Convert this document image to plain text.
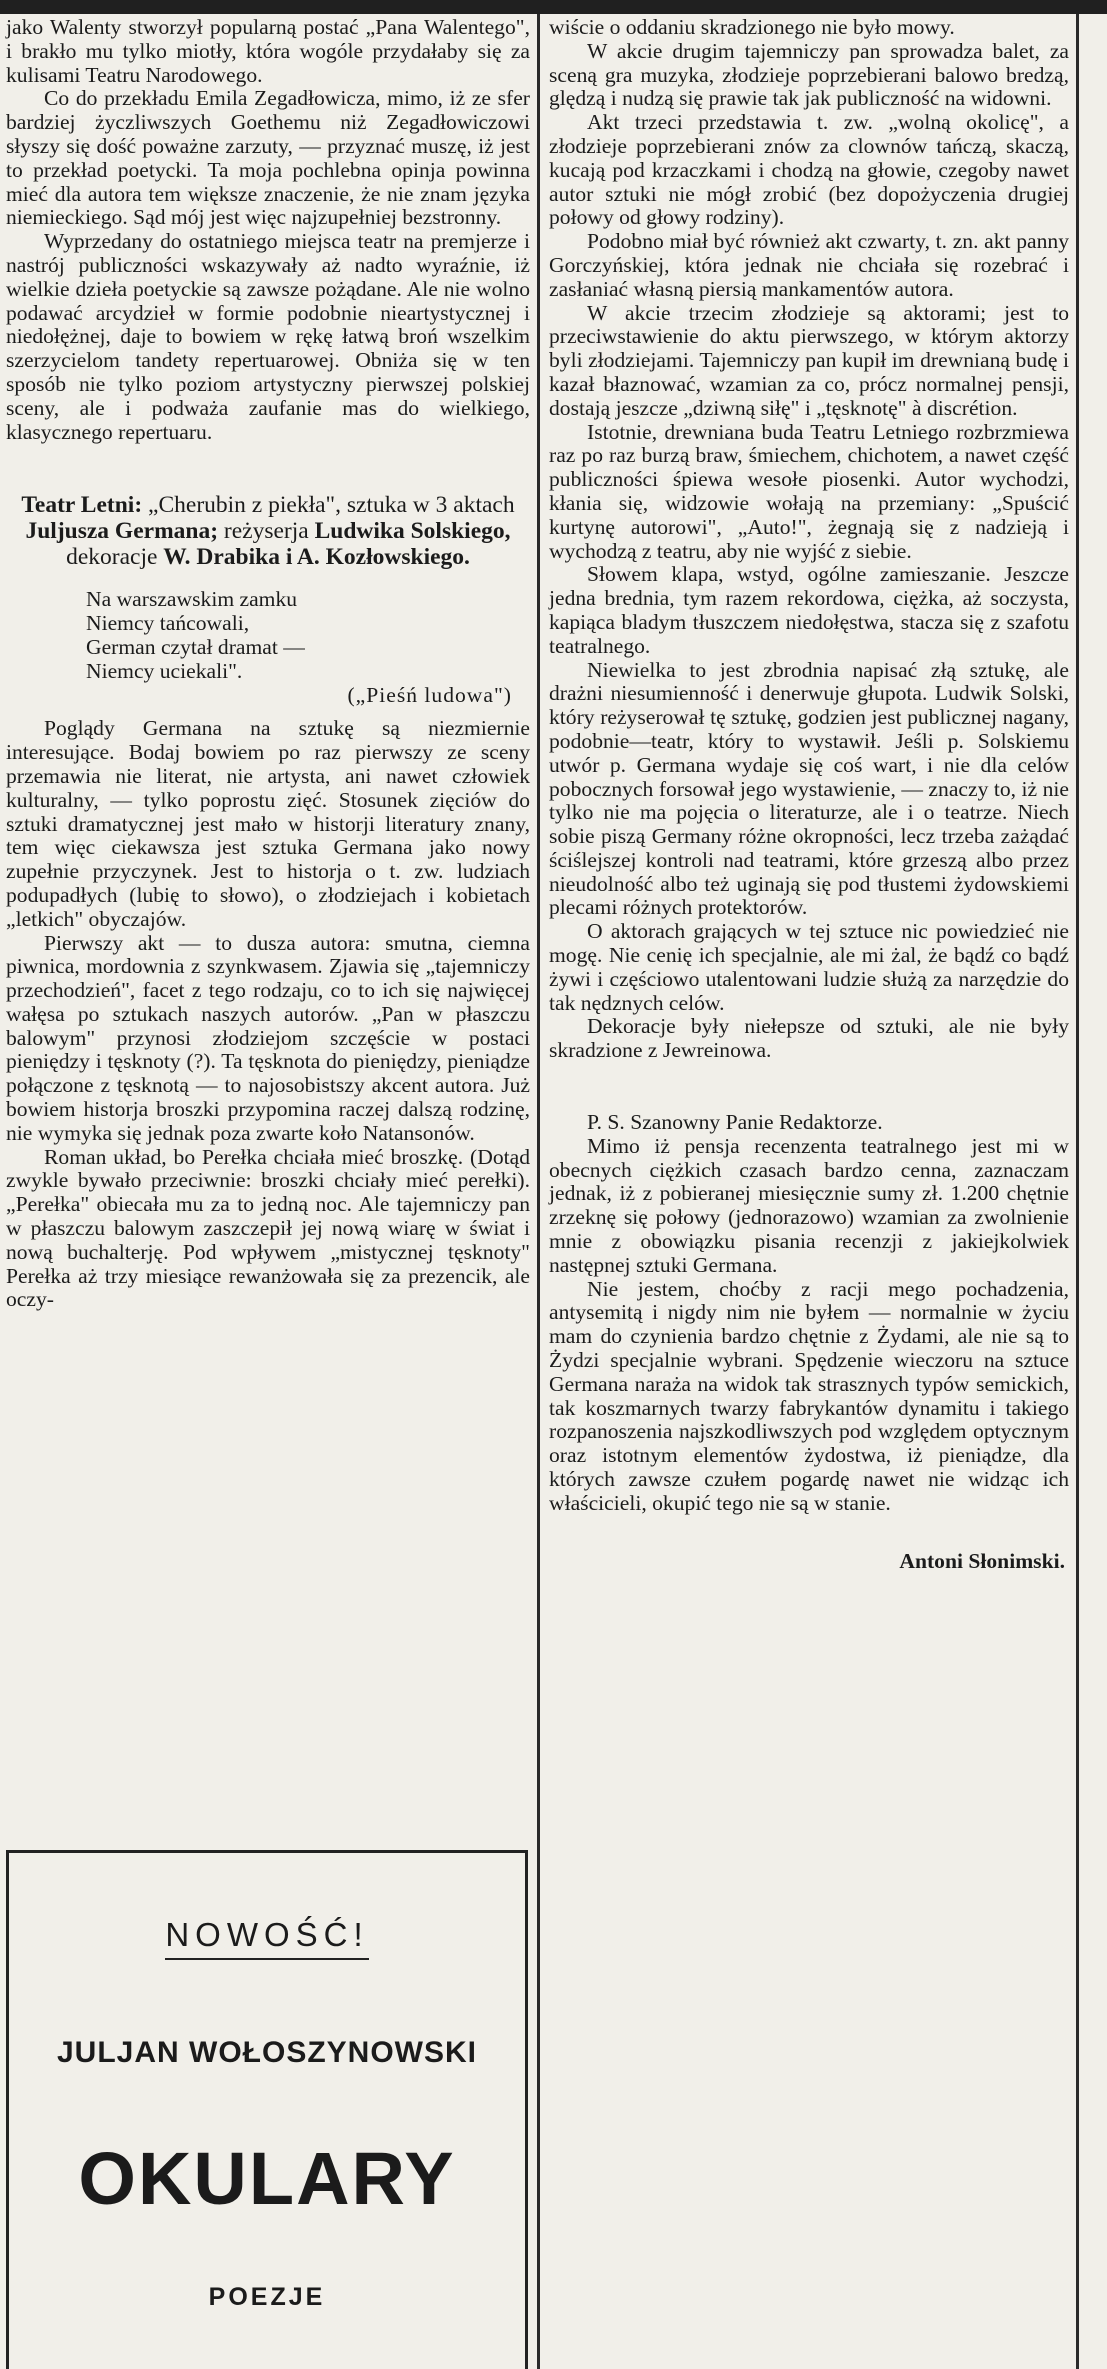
jako Walenty stworzył popularną postać „Pana Walentego", i brakło mu tylko miotły, która wogóle przydałaby się za kulisami Teatru Narodowego.

Co do przekładu Emila Zegadłowicza, mimo, iż ze sfer bardziej życzliwszych Goethemu niż Zegadłowiczowi słyszy się dość poważne zarzuty, — przyznać muszę, iż jest to przekład poetycki. Ta moja pochlebna opinja powinna mieć dla autora tem większe znaczenie, że nie znam języka niemieckiego. Sąd mój jest więc najzupełniej bezstronny.

Wyprzedany do ostatniego miejsca teatr na premjerze i nastrój publiczności wskazywały aż nadto wyraźnie, iż wielkie dzieła poetyckie są zawsze pożądane. Ale nie wolno podawać arcydzieł w formie podobnie nieartystycznej i niedołężnej, daje to bowiem w rękę łatwą broń wszelkim szerzycielom tandety repertuarowej. Obniża się w ten sposób nie tylko poziom artystyczny pierwszej polskiej sceny, ale i podważa zaufanie mas do wielkiego, klasycznego repertuaru.

Teatr Letni: „Cherubin z piekła", sztuka w 3 aktach Juljusza Germana; reżyserja Ludwika Solskiego, dekoracje W. Drabika i A. Kozłowskiego.
Na warszawskim zamku
Niemcy tańcowali,
German czytał dramat —
Niemcy uciekali".
(„Pieśń ludowa")

Poglądy Germana na sztukę są niezmiernie interesujące. Bodaj bowiem po raz pierwszy ze sceny przemawia nie literat, nie artysta, ani nawet człowiek kulturalny, — tylko poprostu zięć. Stosunek zięciów do sztuki dramatycznej jest mało w historji literatury znany, tem więc ciekawsza jest sztuka Germana jako nowy zupełnie przyczynek. Jest to historja o t. zw. ludziach podupadłych (lubię to słowo), o złodziejach i kobietach „letkich" obyczajów.

Pierwszy akt — to dusza autora: smutna, ciemna piwnica, mordownia z szynkwasem. Zjawia się „tajemniczy przechodzień", facet z tego rodzaju, co to ich się najwięcej wałęsa po sztukach naszych autorów. „Pan w płaszczu balowym" przynosi złodziejom szczęście w postaci pieniędzy i tęsknoty (?). Ta tęsknota do pieniędzy, pieniądze połączone z tęsknotą — to najosobistszy akcent autora. Już bowiem historja broszki przypomina raczej dalszą rodzinę, nie wymyka się jednak poza zwarte koło Natansonów.

Roman układ, bo Perełka chciała mieć broszkę. (Dotąd zwykle bywało przeciwnie: broszki chciały mieć perełki). „Perełka" obiecała mu za to jedną noc. Ale tajemniczy pan w płaszczu balowym zaszczepił jej nową wiarę w świat i nową buchalterję. Pod wpływem „mistycznej tęsknoty" Perełka aż trzy miesiące rewanżowała się za prezencik, ale oczy-

NOWOŚĆ!
JULJAN WOŁOSZYNOWSKI
OKULARY
POEZJE

wiście o oddaniu skradzionego nie było mowy.

W akcie drugim tajemniczy pan sprowadza balet, za sceną gra muzyka, złodzieje poprzebierani balowo bredzą, ględzą i nudzą się prawie tak jak publiczność na widowni.

Akt trzeci przedstawia t. zw. „wolną okolicę", a złodzieje poprzebierani znów za clownów tańczą, skaczą, kucają pod krzaczkami i chodzą na głowie, czegoby nawet autor sztuki nie mógł zrobić (bez dopożyczenia drugiej połowy od głowy rodziny).

Podobno miał być również akt czwarty, t. zn. akt panny Gorczyńskiej, która jednak nie chciała się rozebrać i zasłaniać własną piersią mankamentów autora.

W akcie trzecim złodzieje są aktorami; jest to przeciwstawienie do aktu pierwszego, w którym aktorzy byli złodziejami. Tajemniczy pan kupił im drewnianą budę i kazał błaznować, wzamian za co, prócz normalnej pensji, dostają jeszcze „dziwną siłę" i „tęsknotę" à discrétion.

Istotnie, drewniana buda Teatru Letniego rozbrzmiewa raz po raz burzą braw, śmiechem, chichotem, a nawet część publiczności śpiewa wesołe piosenki. Autor wychodzi, kłania się, widzowie wołają na przemiany: „Spuścić kurtynę autorowi", „Auto!", żegnają się z nadzieją i wychodzą z teatru, aby nie wyjść z siebie.

Słowem klapa, wstyd, ogólne zamieszanie. Jeszcze jedna brednia, tym razem rekordowa, ciężka, aż soczysta, kapiąca bladym tłuszczem niedołęstwa, stacza się z szafotu teatralnego.

Niewielka to jest zbrodnia napisać złą sztukę, ale drażni niesumienność i denerwuje głupota. Ludwik Solski, który reżyserował tę sztukę, godzien jest publicznej nagany, podobnie—teatr, który to wystawił. Jeśli p. Solskiemu utwór p. Germana wydaje się coś wart, i nie dla celów pobocznych forsował jego wystawienie, — znaczy to, iż nie tylko nie ma pojęcia o literaturze, ale i o teatrze. Niech sobie piszą Germany różne okropności, lecz trzeba zażądać ściślejszej kontroli nad teatrami, które grzeszą albo przez nieudolność albo też uginają się pod tłustemi żydowskiemi plecami różnych protektorów.

O aktorach grających w tej sztuce nic powiedzieć nie mogę. Nie cenię ich specjalnie, ale mi żal, że bądź co bądź żywi i częściowo utalentowani ludzie służą za narzędzie do tak nędznych celów.

Dekoracje były niełepsze od sztuki, ale nie były skradzione z Jewreinowa.

P. S. Szanowny Panie Redaktorze.

Mimo iż pensja recenzenta teatralnego jest mi w obecnych ciężkich czasach bardzo cenna, zaznaczam jednak, iż z pobieranej miesięcznie sumy zł. 1.200 chętnie zrzeknę się połowy (jednorazowo) wzamian za zwolnienie mnie z obowiązku pisania recenzji z jakiejkolwiek następnej sztuki Germana.

Nie jestem, choćby z racji mego pochadzenia, antysemitą i nigdy nim nie byłem — normalnie w życiu mam do czynienia bardzo chętnie z Żydami, ale nie są to Żydzi specjalnie wybrani. Spędzenie wieczoru na sztuce Germana naraża na widok tak strasznych typów semickich, tak koszmarnych twarzy fabrykantów dynamitu i takiego rozpanoszenia najszkodliwszych pod względem optycznym oraz istotnym elementów żydostwa, iż pieniądze, dla których zawsze czułem pogardę nawet nie widząc ich właścicieli, okupić tego nie są w stanie.

Antoni Słonimski.
